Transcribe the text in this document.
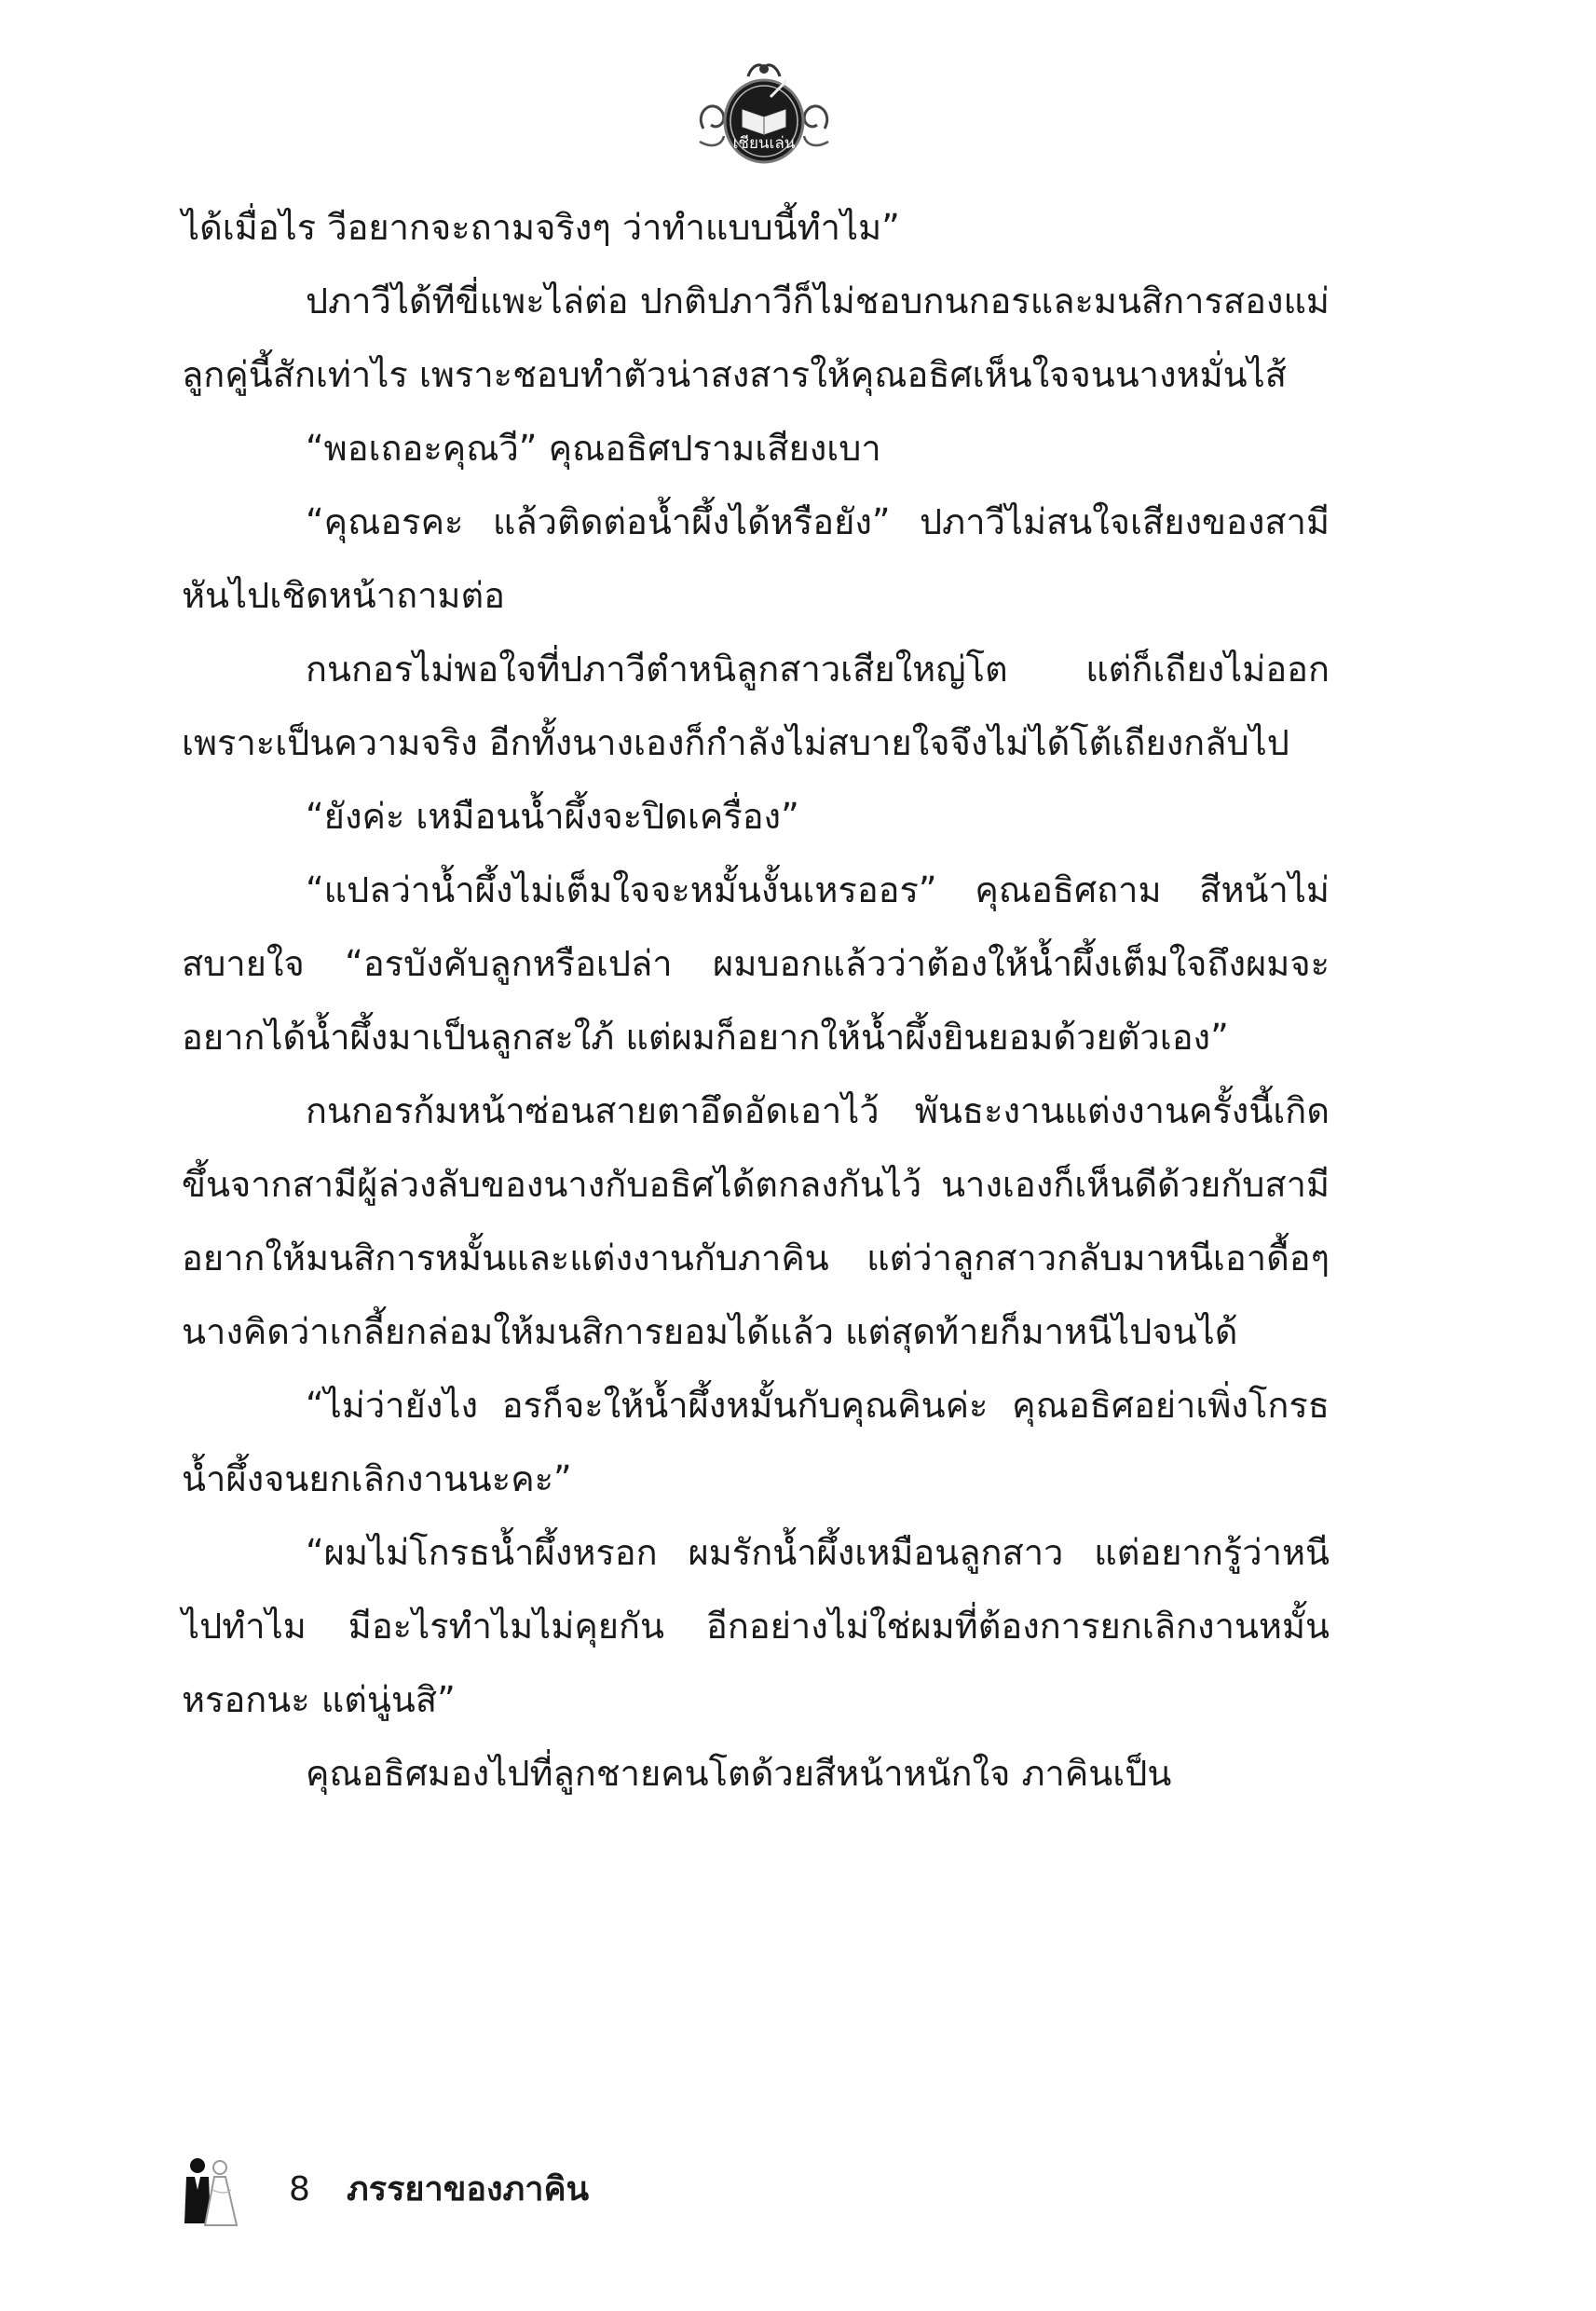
เชียนเล่น

ได้เมื่อไร วีอยากจะถามจริงๆ ว่าทำแบบนี้ทำไม”

ปภาวีได้ทีขี่แพะไล่ต่อ ปกติปภาวีก็ไม่ชอบกนกอรและมนสิการสองแม่ลูกคู่นี้สักเท่าไร เพราะชอบทำตัวน่าสงสารให้คุณอธิศเห็นใจจนนางหมั่นไส้

“พอเถอะคุณวี” คุณอธิศปรามเสียงเบา

“คุณอรคะ แล้วติดต่อน้ำผึ้งได้หรือยัง” ปภาวีไม่สนใจเสียงของสามี หันไปเชิดหน้าถามต่อ

กนกอรไม่พอใจที่ปภาวีตำหนิลูกสาวเสียใหญ่โต แต่ก็เถียงไม่ออกเพราะเป็นความจริง อีกทั้งนางเองก็กำลังไม่สบายใจจึงไม่ได้โต้เถียงกลับไป

“ยังค่ะ เหมือนน้ำผึ้งจะปิดเครื่อง”

“แปลว่าน้ำผึ้งไม่เต็มใจจะหมั้นงั้นเหรออร” คุณอธิศถาม สีหน้าไม่สบายใจ “อรบังคับลูกหรือเปล่า ผมบอกแล้วว่าต้องให้น้ำผึ้งเต็มใจถึงผมจะอยากได้น้ำผึ้งมาเป็นลูกสะใภ้ แต่ผมก็อยากให้น้ำผึ้งยินยอมด้วยตัวเอง”

กนกอรก้มหน้าซ่อนสายตาอึดอัดเอาไว้ พันธะงานแต่งงานครั้งนี้เกิดขึ้นจากสามีผู้ล่วงลับของนางกับอธิศได้ตกลงกันไว้ นางเองก็เห็นดีด้วยกับสามี อยากให้มนสิการหมั้นและแต่งงานกับภาคิน แต่ว่าลูกสาวกลับมาหนีเอาดื้อๆ นางคิดว่าเกลี้ยกล่อมให้มนสิการยอมได้แล้ว แต่สุดท้ายก็มาหนีไปจนได้

“ไม่ว่ายังไง อรก็จะให้น้ำผึ้งหมั้นกับคุณคินค่ะ คุณอธิศอย่าเพิ่งโกรธน้ำผึ้งจนยกเลิกงานนะคะ”

“ผมไม่โกรธน้ำผึ้งหรอก ผมรักน้ำผึ้งเหมือนลูกสาว แต่อยากรู้ว่าหนีไปทำไม มีอะไรทำไมไม่คุยกัน อีกอย่างไม่ใช่ผมที่ต้องการยกเลิกงานหมั้นหรอกนะ แต่นู่นสิ”

คุณอธิศมองไปที่ลูกชายคนโตด้วยสีหน้าหนักใจ ภาคินเป็น

8 ภรรยาของภาคิน
